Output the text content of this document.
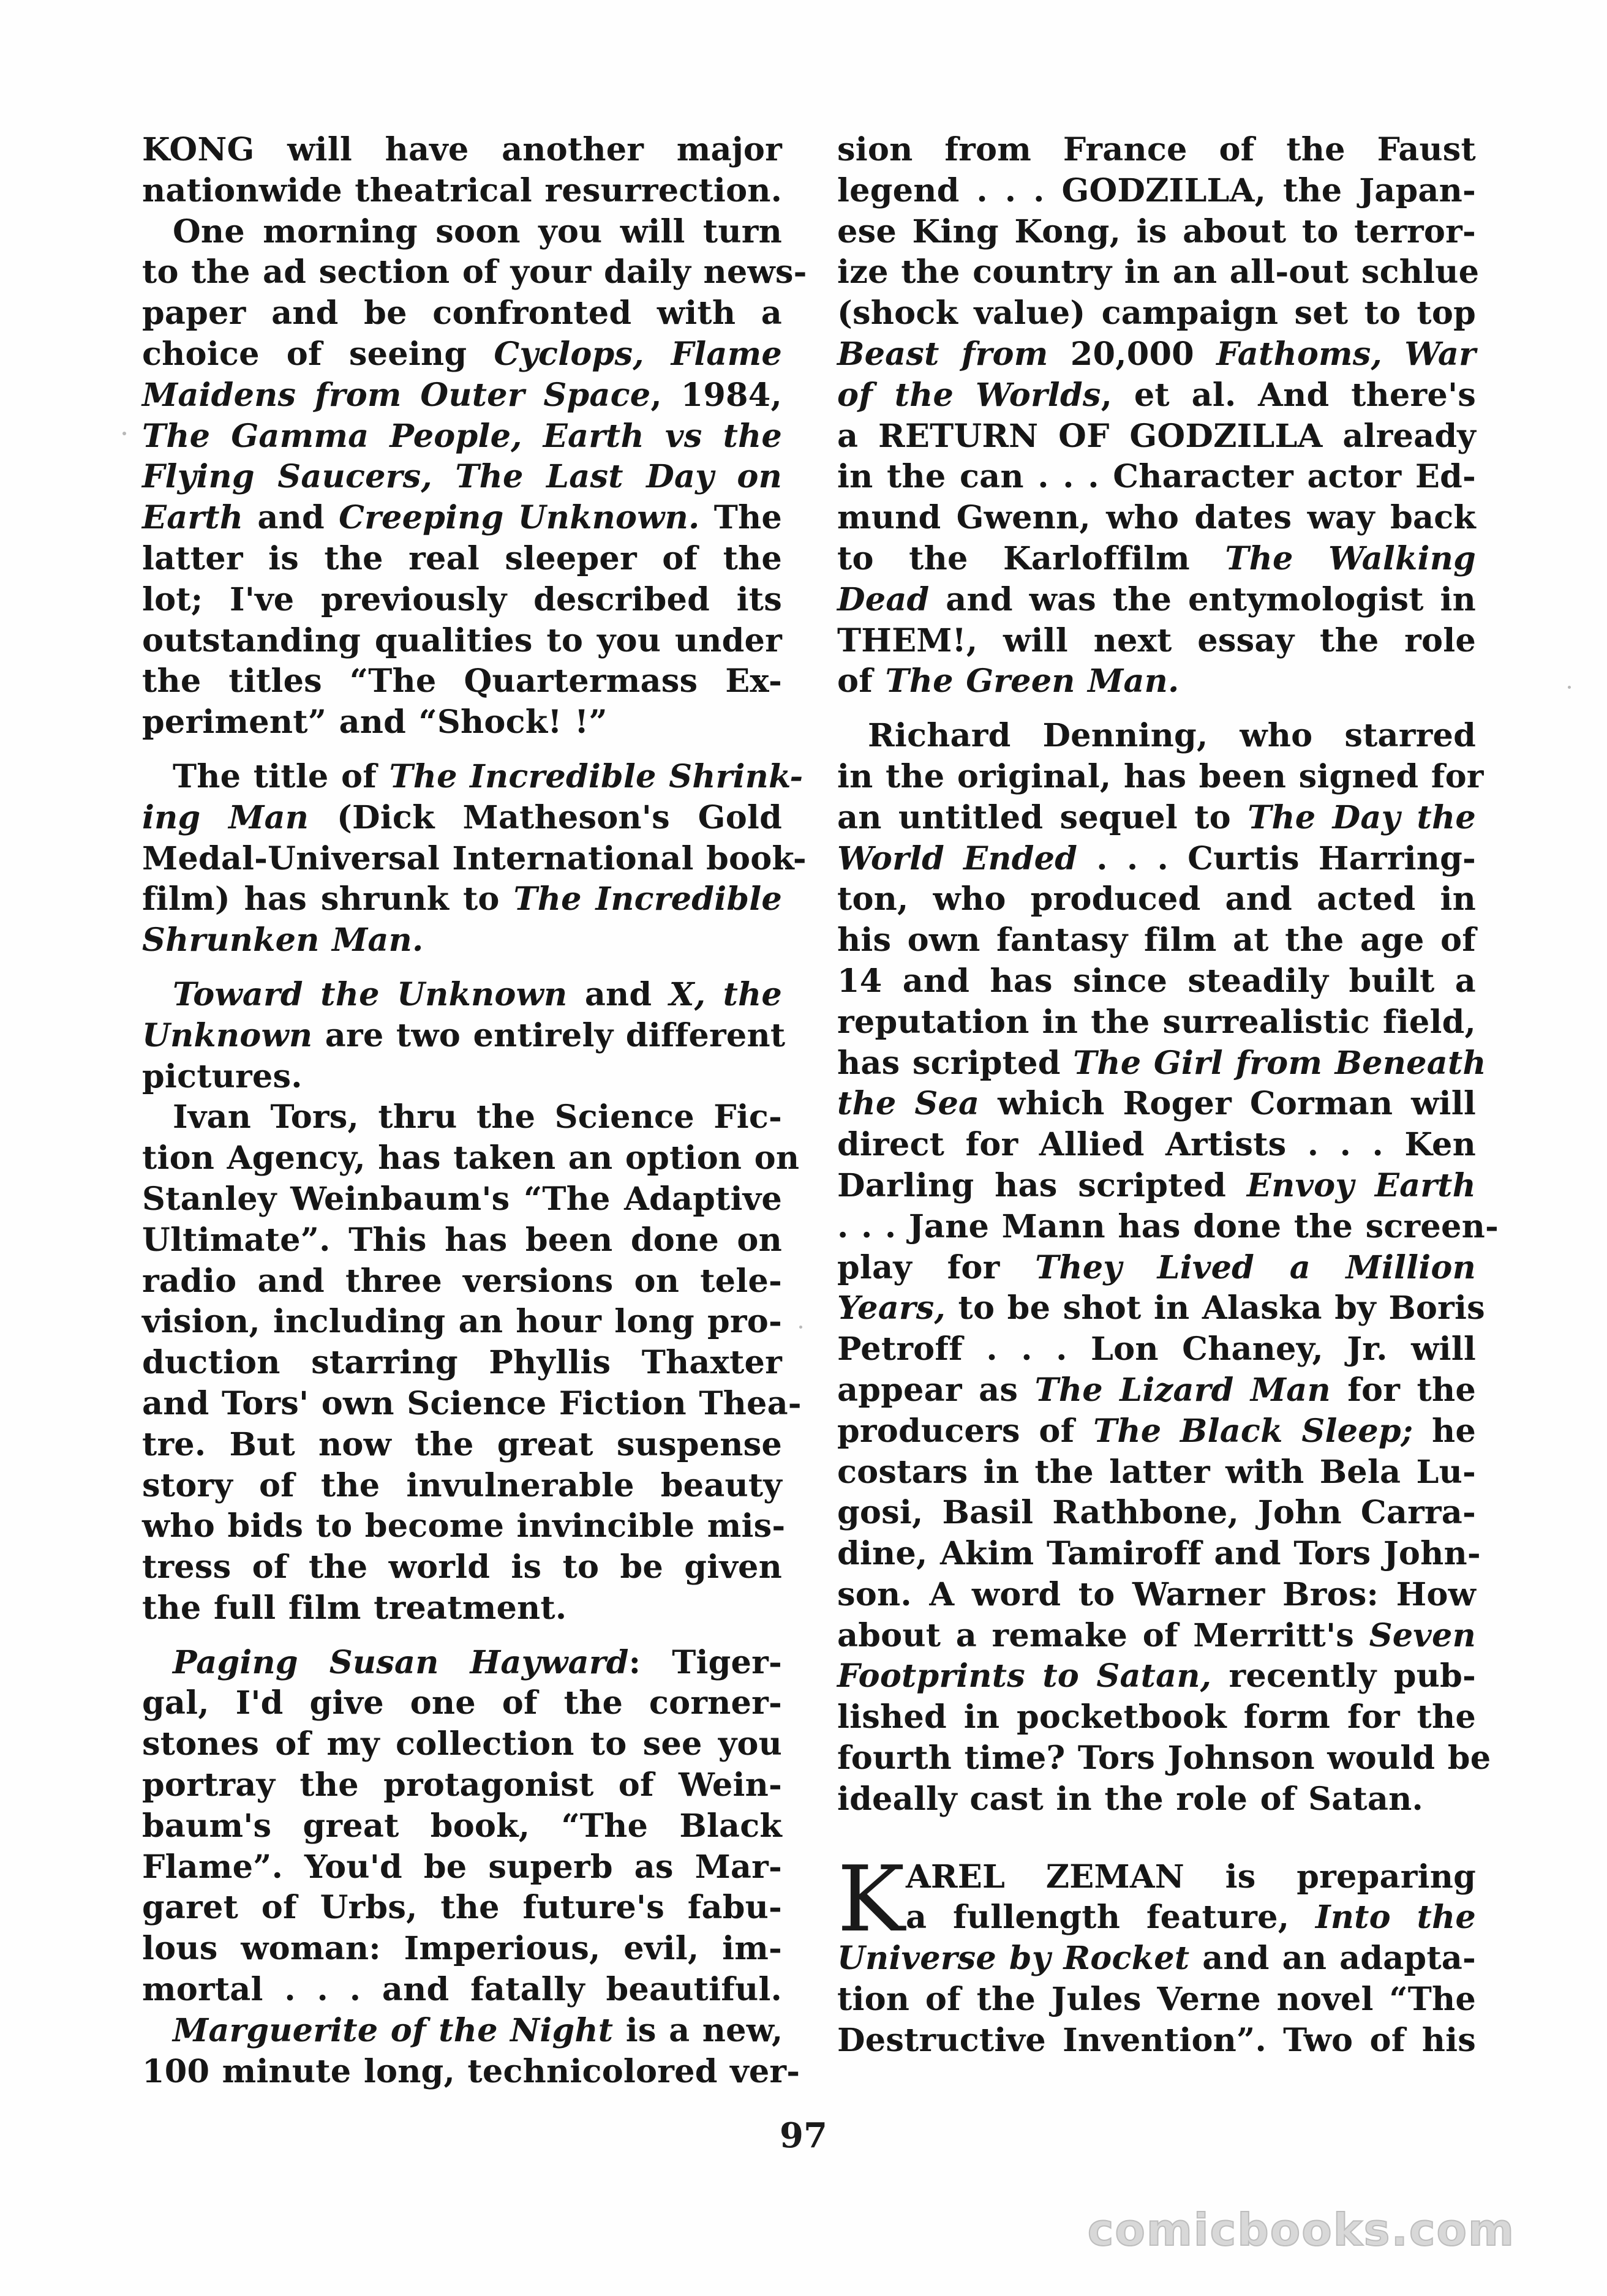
KONG will have another major
nationwide theatrical resurrection.
One morning soon you will turn
to the ad section of your daily news-
paper and be confronted with a
choice of seeing Cyclops, Flame
Maidens from Outer Space, 1984,
The Gamma People, Earth vs the
Flying Saucers, The Last Day on
Earth and Creeping Unknown. The
latter is the real sleeper of the
lot; I've previously described its
outstanding qualities to you under
the titles “The Quartermass Ex-
periment” and “Shock! !”
The title of The Incredible Shrink-
ing Man (Dick Matheson's Gold
Medal-Universal International book-
film) has shrunk to The Incredible
Shrunken Man.
Toward the Unknown and X, the
Unknown are two entirely different
pictures.
Ivan Tors, thru the Science Fic-
tion Agency, has taken an option on
Stanley Weinbaum's “The Adaptive
Ultimate”. This has been done on
radio and three versions on tele-
vision, including an hour long pro-
duction starring Phyllis Thaxter
and Tors' own Science Fiction Thea-
tre. But now the great suspense
story of the invulnerable beauty
who bids to become invincible mis-
tress of the world is to be given
the full film treatment.
Paging Susan Hayward: Tiger-
gal, I'd give one of the corner-
stones of my collection to see you
portray the protagonist of Wein-
baum's great book, “The Black
Flame”. You'd be superb as Mar-
garet of Urbs, the future's fabu-
lous woman: Imperious, evil, im-
mortal . . . and fatally beautiful.
Marguerite of the Night is a new,
100 minute long, technicolored ver-
sion from France of the Faust
legend . . . GODZILLA, the Japan-
ese King Kong, is about to terror-
ize the country in an all-out schlue
(shock value) campaign set to top
Beast from 20,000 Fathoms, War
of the Worlds, et al. And there's
a RETURN OF GODZILLA already
in the can . . . Character actor Ed-
mund Gwenn, who dates way back
to the Karloffilm The Walking
Dead and was the entymologist in
THEM!, will next essay the role
of The Green Man.
Richard Denning, who starred
in the original, has been signed for
an untitled sequel to The Day the
World Ended . . . Curtis Harring-
ton, who produced and acted in
his own fantasy film at the age of
14 and has since steadily built a
reputation in the surrealistic field,
has scripted The Girl from Beneath
the Sea which Roger Corman will
direct for Allied Artists . . . Ken
Darling has scripted Envoy Earth
. . . Jane Mann has done the screen-
play for They Lived a Million
Years, to be shot in Alaska by Boris
Petroff . . . Lon Chaney, Jr. will
appear as The Lizard Man for the
producers of The Black Sleep; he
costars in the latter with Bela Lu-
gosi, Basil Rathbone, John Carra-
dine, Akim Tamiroff and Tors John-
son. A word to Warner Bros: How
about a remake of Merritt's Seven
Footprints to Satan, recently pub-
lished in pocketbook form for the
fourth time? Tors Johnson would be
ideally cast in the role of Satan.
AREL ZEMAN is preparing
K a fullength feature, Into the
Universe by Rocket and an adapta-
tion of the Jules Verne novel “The
Destructive Invention”. Two of his
97
comicbooks.com
